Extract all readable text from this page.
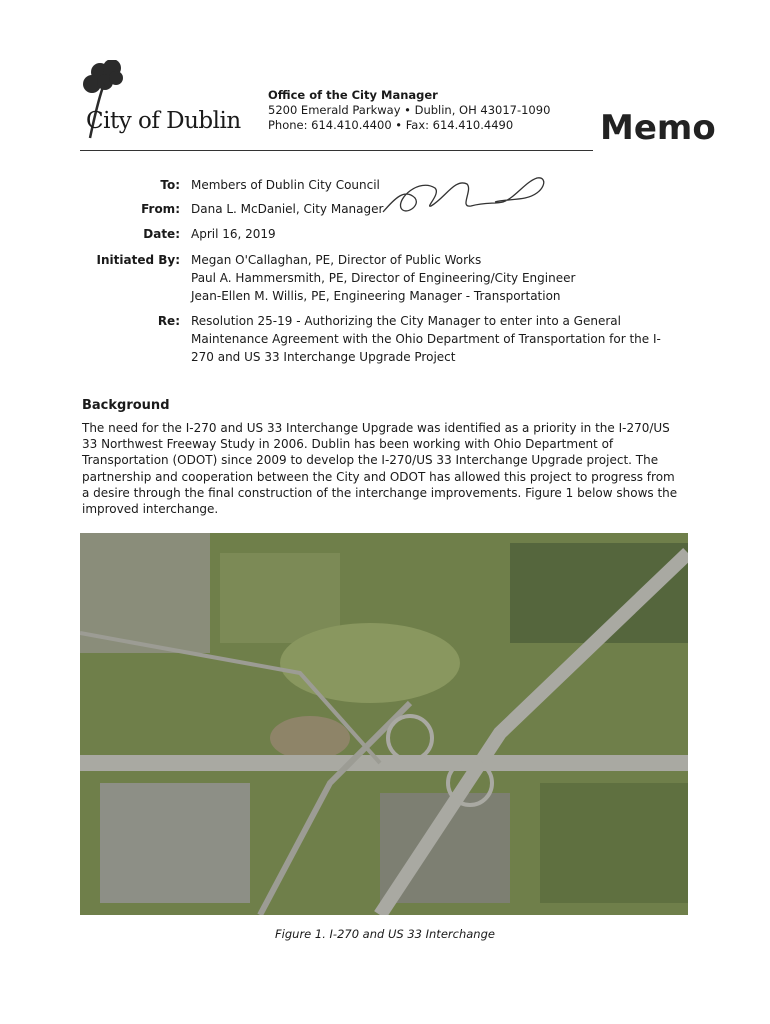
City of Dublin
Office of the City Manager
5200 Emerald Parkway • Dublin, OH 43017-1090
Phone: 614.410.4400 • Fax: 614.410.4490	Memo
To: Members of Dublin City Council
From: Dana L. McDaniel, City Manager
Date: April 16, 2019
Initiated By: Megan O'Callaghan, PE, Director of Public Works
Paul A. Hammersmith, PE, Director of Engineering/City Engineer
Jean-Ellen M. Willis, PE, Engineering Manager - Transportation
Re: Resolution 25-19 - Authorizing the City Manager to enter into a General
Maintenance Agreement with the Ohio Department of Transportation for the I-
270 and US 33 Interchange Upgrade Project
Background
The need for the I-270 and US 33 Interchange Upgrade was identified as a priority in the I-270/US
33 Northwest Freeway Study in 2006. Dublin has been working with Ohio Department of
Transportation (ODOT) since 2009 to develop the I-270/US 33 Interchange Upgrade project. The
partnership and cooperation between the City and ODOT has allowed this project to progress from
a desire through the final construction of the interchange improvements. Figure 1 below shows the
improved interchange.
Figure 1. I-270 and US 33 Interchange
